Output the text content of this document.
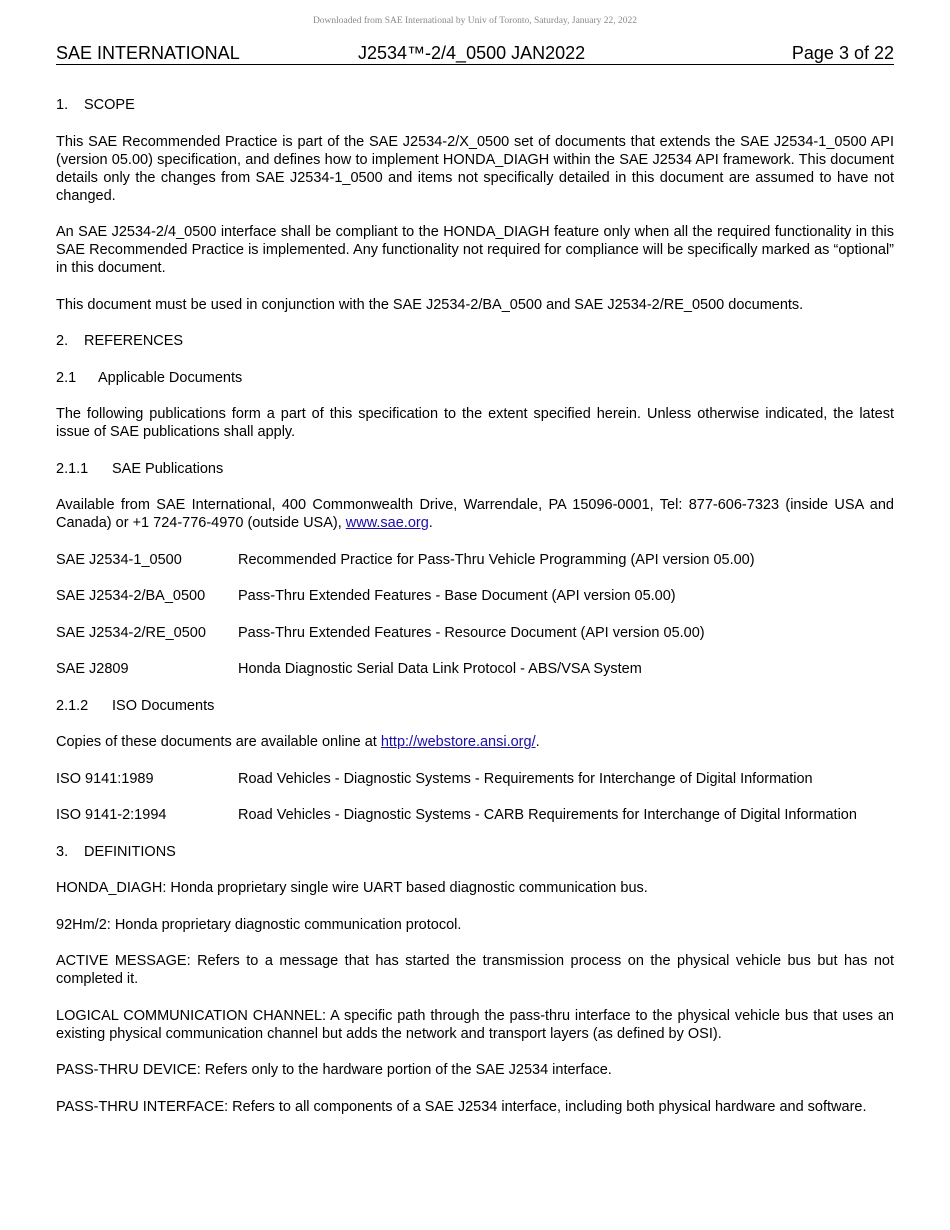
Downloaded from SAE International by Univ of Toronto, Saturday, January 22, 2022
SAE INTERNATIONAL	J2534™-2/4_0500 JAN2022	Page 3 of 22
1. SCOPE

This SAE Recommended Practice is part of the SAE J2534-2/X_0500 set of documents that extends the SAE J2534-1_0500 API (version 05.00) specification, and defines how to implement HONDA_DIAGH within the SAE J2534 API framework. This document details only the changes from SAE J2534-1_0500 and items not specifically detailed in this document are assumed to have not changed.

An SAE J2534-2/4_0500 interface shall be compliant to the HONDA_DIAGH feature only when all the required functionality in this SAE Recommended Practice is implemented. Any functionality not required for compliance will be specifically marked as “optional” in this document.

This document must be used in conjunction with the SAE J2534-2/BA_0500 and SAE J2534-2/RE_0500 documents.

2. REFERENCES
2.1 Applicable Documents

The following publications form a part of this specification to the extent specified herein. Unless otherwise indicated, the latest issue of SAE publications shall apply.

2.1.1 SAE Publications

Available from SAE International, 400 Commonwealth Drive, Warrendale, PA 15096-0001, Tel: 877-606-7323 (inside USA and Canada) or +1 724-776-4970 (outside USA), www.sae.org.

SAE J2534-1_0500	Recommended Practice for Pass-Thru Vehicle Programming (API version 05.00)
SAE J2534-2/BA_0500	Pass-Thru Extended Features - Base Document (API version 05.00)
SAE J2534-2/RE_0500	Pass-Thru Extended Features - Resource Document (API version 05.00)
SAE J2809	Honda Diagnostic Serial Data Link Protocol - ABS/VSA System
2.1.2 ISO Documents

Copies of these documents are available online at http://webstore.ansi.org/.

ISO 9141:1989	Road Vehicles - Diagnostic Systems - Requirements for Interchange of Digital Information
ISO 9141-2:1994	Road Vehicles - Diagnostic Systems - CARB Requirements for Interchange of Digital Information
3. DEFINITIONS

HONDA_DIAGH: Honda proprietary single wire UART based diagnostic communication bus.

92Hm/2: Honda proprietary diagnostic communication protocol.

ACTIVE MESSAGE: Refers to a message that has started the transmission process on the physical vehicle bus but has not completed it.

LOGICAL COMMUNICATION CHANNEL: A specific path through the pass-thru interface to the physical vehicle bus that uses an existing physical communication channel but adds the network and transport layers (as defined by OSI).

PASS-THRU DEVICE: Refers only to the hardware portion of the SAE J2534 interface.

PASS-THRU INTERFACE: Refers to all components of a SAE J2534 interface, including both physical hardware and software.
